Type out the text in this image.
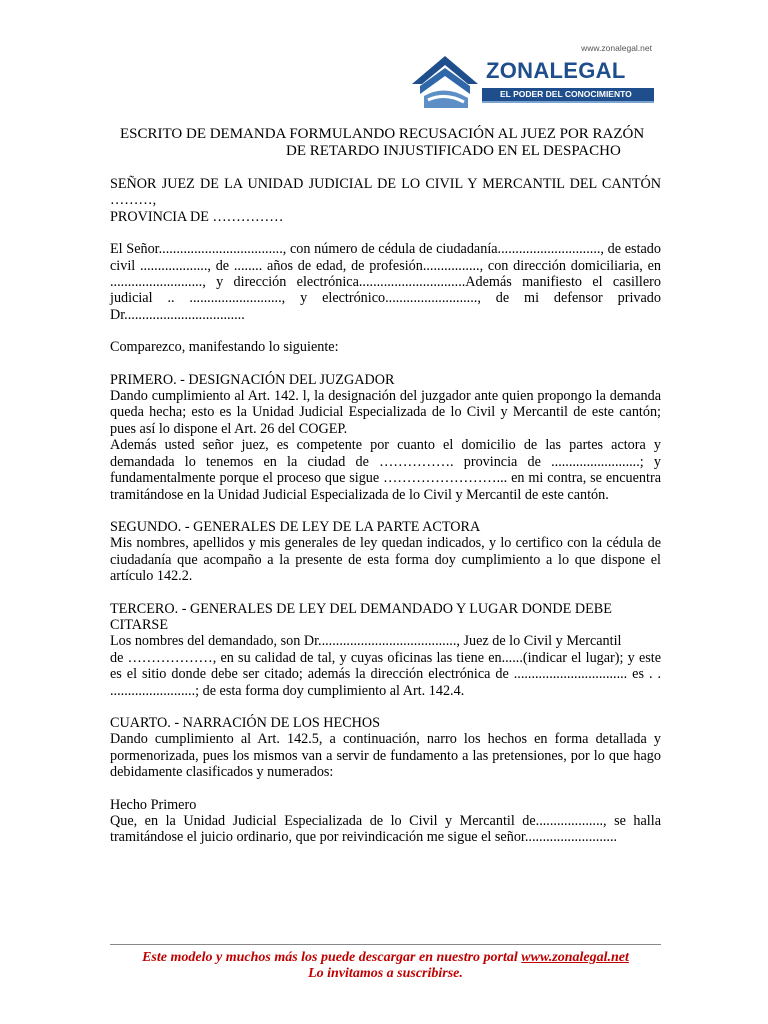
www.zonalegal.net
ZONALEGAL
EL PODER DEL CONOCIMIENTO
ESCRITO DE DEMANDA FORMULANDO RECUSACIÓN AL JUEZ POR RAZÓN
DE RETARDO INJUSTIFICADO EN EL DESPACHO

SEÑOR JUEZ DE LA UNIDAD JUDICIAL DE LO CIVIL Y MERCANTIL DEL CANTÓN ………,

PROVINCIA DE ……………

El Señor..................................., con número de cédula de ciudadanía............................., de estado civil ..................., de ........ años de edad, de profesión................, con dirección domiciliaria, en .........................., y dirección electrónica..............................Además manifiesto el casillero judicial .. .........................., y electrónico.........................., de mi defensor privado Dr..................................

Comparezco, manifestando lo siguiente:

PRIMERO. - DESIGNACIÓN DEL JUZGADOR

Dando cumplimiento al Art. 142. l, la designación del juzgador ante quien propongo la demanda queda hecha; esto es la Unidad Judicial Especializada de lo Civil y Mercantil de este cantón; pues así lo dispone el Art. 26 del COGEP.

Además usted señor juez, es competente por cuanto el domicilio de las partes actora y demandada lo tenemos en la ciudad de ……………. provincia de .........................; y fundamentalmente porque el proceso que sigue ……………………... en mi contra, se encuentra tramitándose en la Unidad Judicial Especializada de lo Civil y Mercantil de este cantón.

SEGUNDO. - GENERALES DE LEY DE LA PARTE ACTORA

Mis nombres, apellidos y mis generales de ley quedan indicados, y lo certifico con la cédula de ciudadanía que acompaño a la presente de esta forma doy cumplimiento a lo que dispone el artículo 142.2.

TERCERO. - GENERALES DE LEY DEL DEMANDADO Y LUGAR DONDE DEBE CITARSE

Los nombres del demandado, son Dr......................................., Juez de lo Civil y Mercantil

de ………………, en su calidad de tal, y cuyas oficinas las tiene en......(indicar el lugar); y este es el sitio donde debe ser citado; además la dirección electrónica de ................................ es . . ........................; de esta forma doy cumplimiento al Art. 142.4.

CUARTO. - NARRACIÓN DE LOS HECHOS

Dando cumplimiento al Art. 142.5, a continuación, narro los hechos en forma detallada y pormenorizada, pues los mismos van a servir de fundamento a las pretensiones, por lo que hago debidamente clasificados y numerados:

Hecho Primero

Que, en la Unidad Judicial Especializada de lo Civil y Mercantil de..................., se halla tramitándose el juicio ordinario, que por reivindicación me sigue el señor..........................

Este modelo y muchos más los puede descargar en nuestro portal www.zonalegal.net
Lo invitamos a suscribirse.
